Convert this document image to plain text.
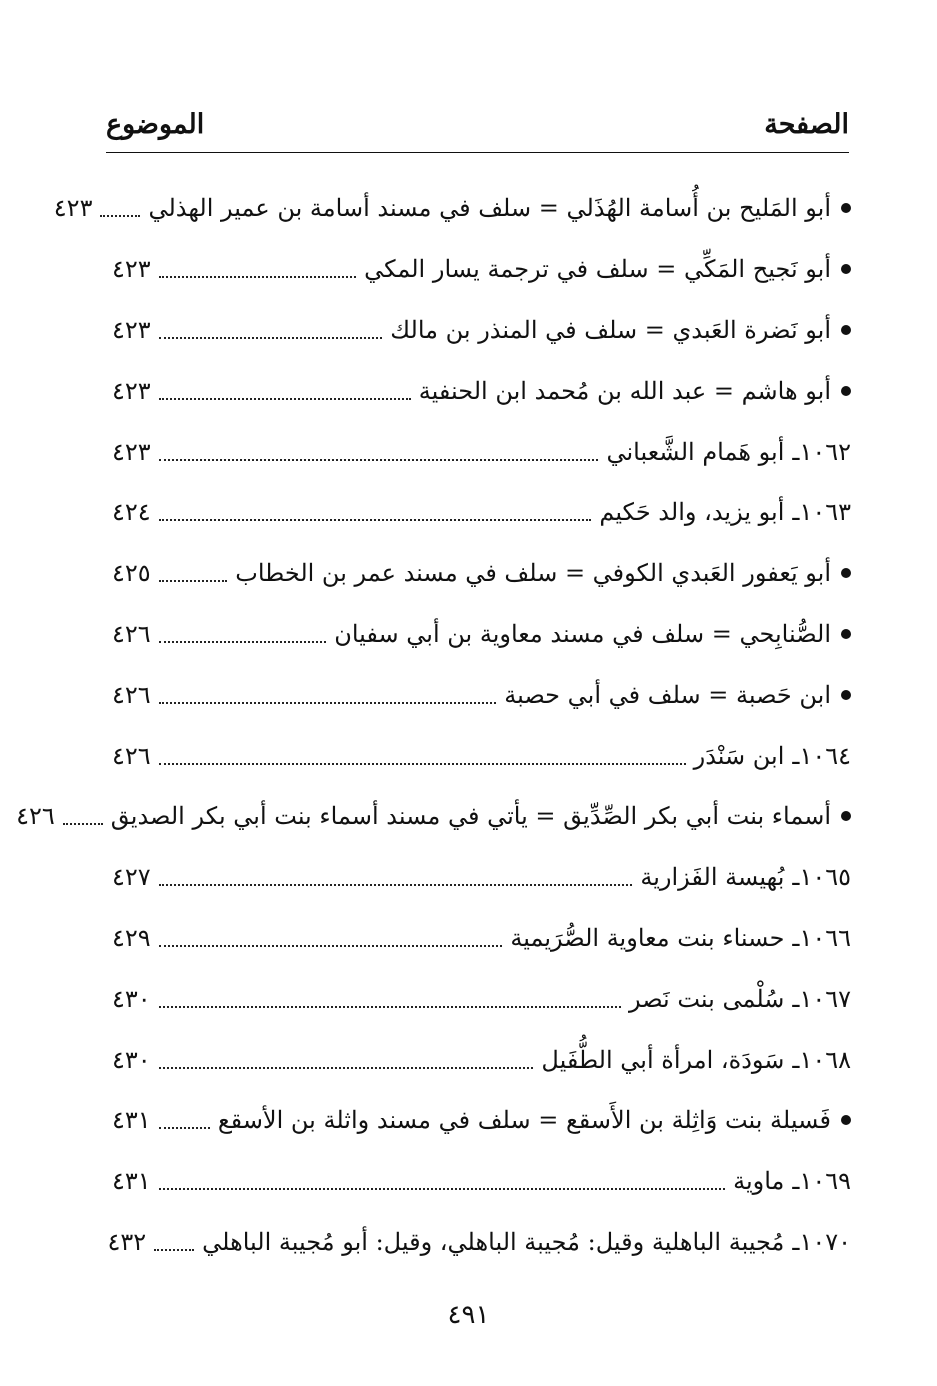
الموضوع	الصفحة
أبو المَليح بن أُسامة الهُذَلي = سلف في مسند أسامة بن عمير الهذلي
٤٢٣
أبو نَجيح المَكِّي = سلف في ترجمة يسار المكي
٤٢٣
أبو نَضرة العَبدي = سلف في المنذر بن مالك
٤٢٣
أبو هاشم = عبد الله بن مُحمد ابن الحنفية
٤٢٣
١٠٦٢ـ
أبو هَمام الشَّعباني
٤٢٣
١٠٦٣ـ
أبو يزيد، والد حَكيم
٤٢٤
أبو يَعفور العَبدي الكوفي = سلف في مسند عمر بن الخطاب
٤٢٥
الصُّنابِحي = سلف في مسند معاوية بن أبي سفيان
٤٢٦
ابن حَصبة = سلف في أبي حصبة
٤٢٦
١٠٦٤ـ
ابن سَنْدَر
٤٢٦
أسماء بنت أبي بكر الصِّدِّيق = يأتي في مسند أسماء بنت أبي بكر الصديق
٤٢٦
١٠٦٥ـ
بُهيسة الفَزارية
٤٢٧
١٠٦٦ـ
حسناء بنت معاوية الصُّرَيمية
٤٢٩
١٠٦٧ـ
سُلْمى بنت نَصر
٤٣٠
١٠٦٨ـ
سَودَة، امرأة أبي الطُّفَيل
٤٣٠
فَسيلة بنت وَاثِلة بن الأَسقع = سلف في مسند واثلة بن الأسقع
٤٣١
١٠٦٩ـ
ماوية
٤٣١
١٠٧٠ـ
مُجيبة الباهلية وقيل: مُجيبة الباهلي، وقيل: أبو مُجيبة الباهلي
٤٣٢
٤٩١
